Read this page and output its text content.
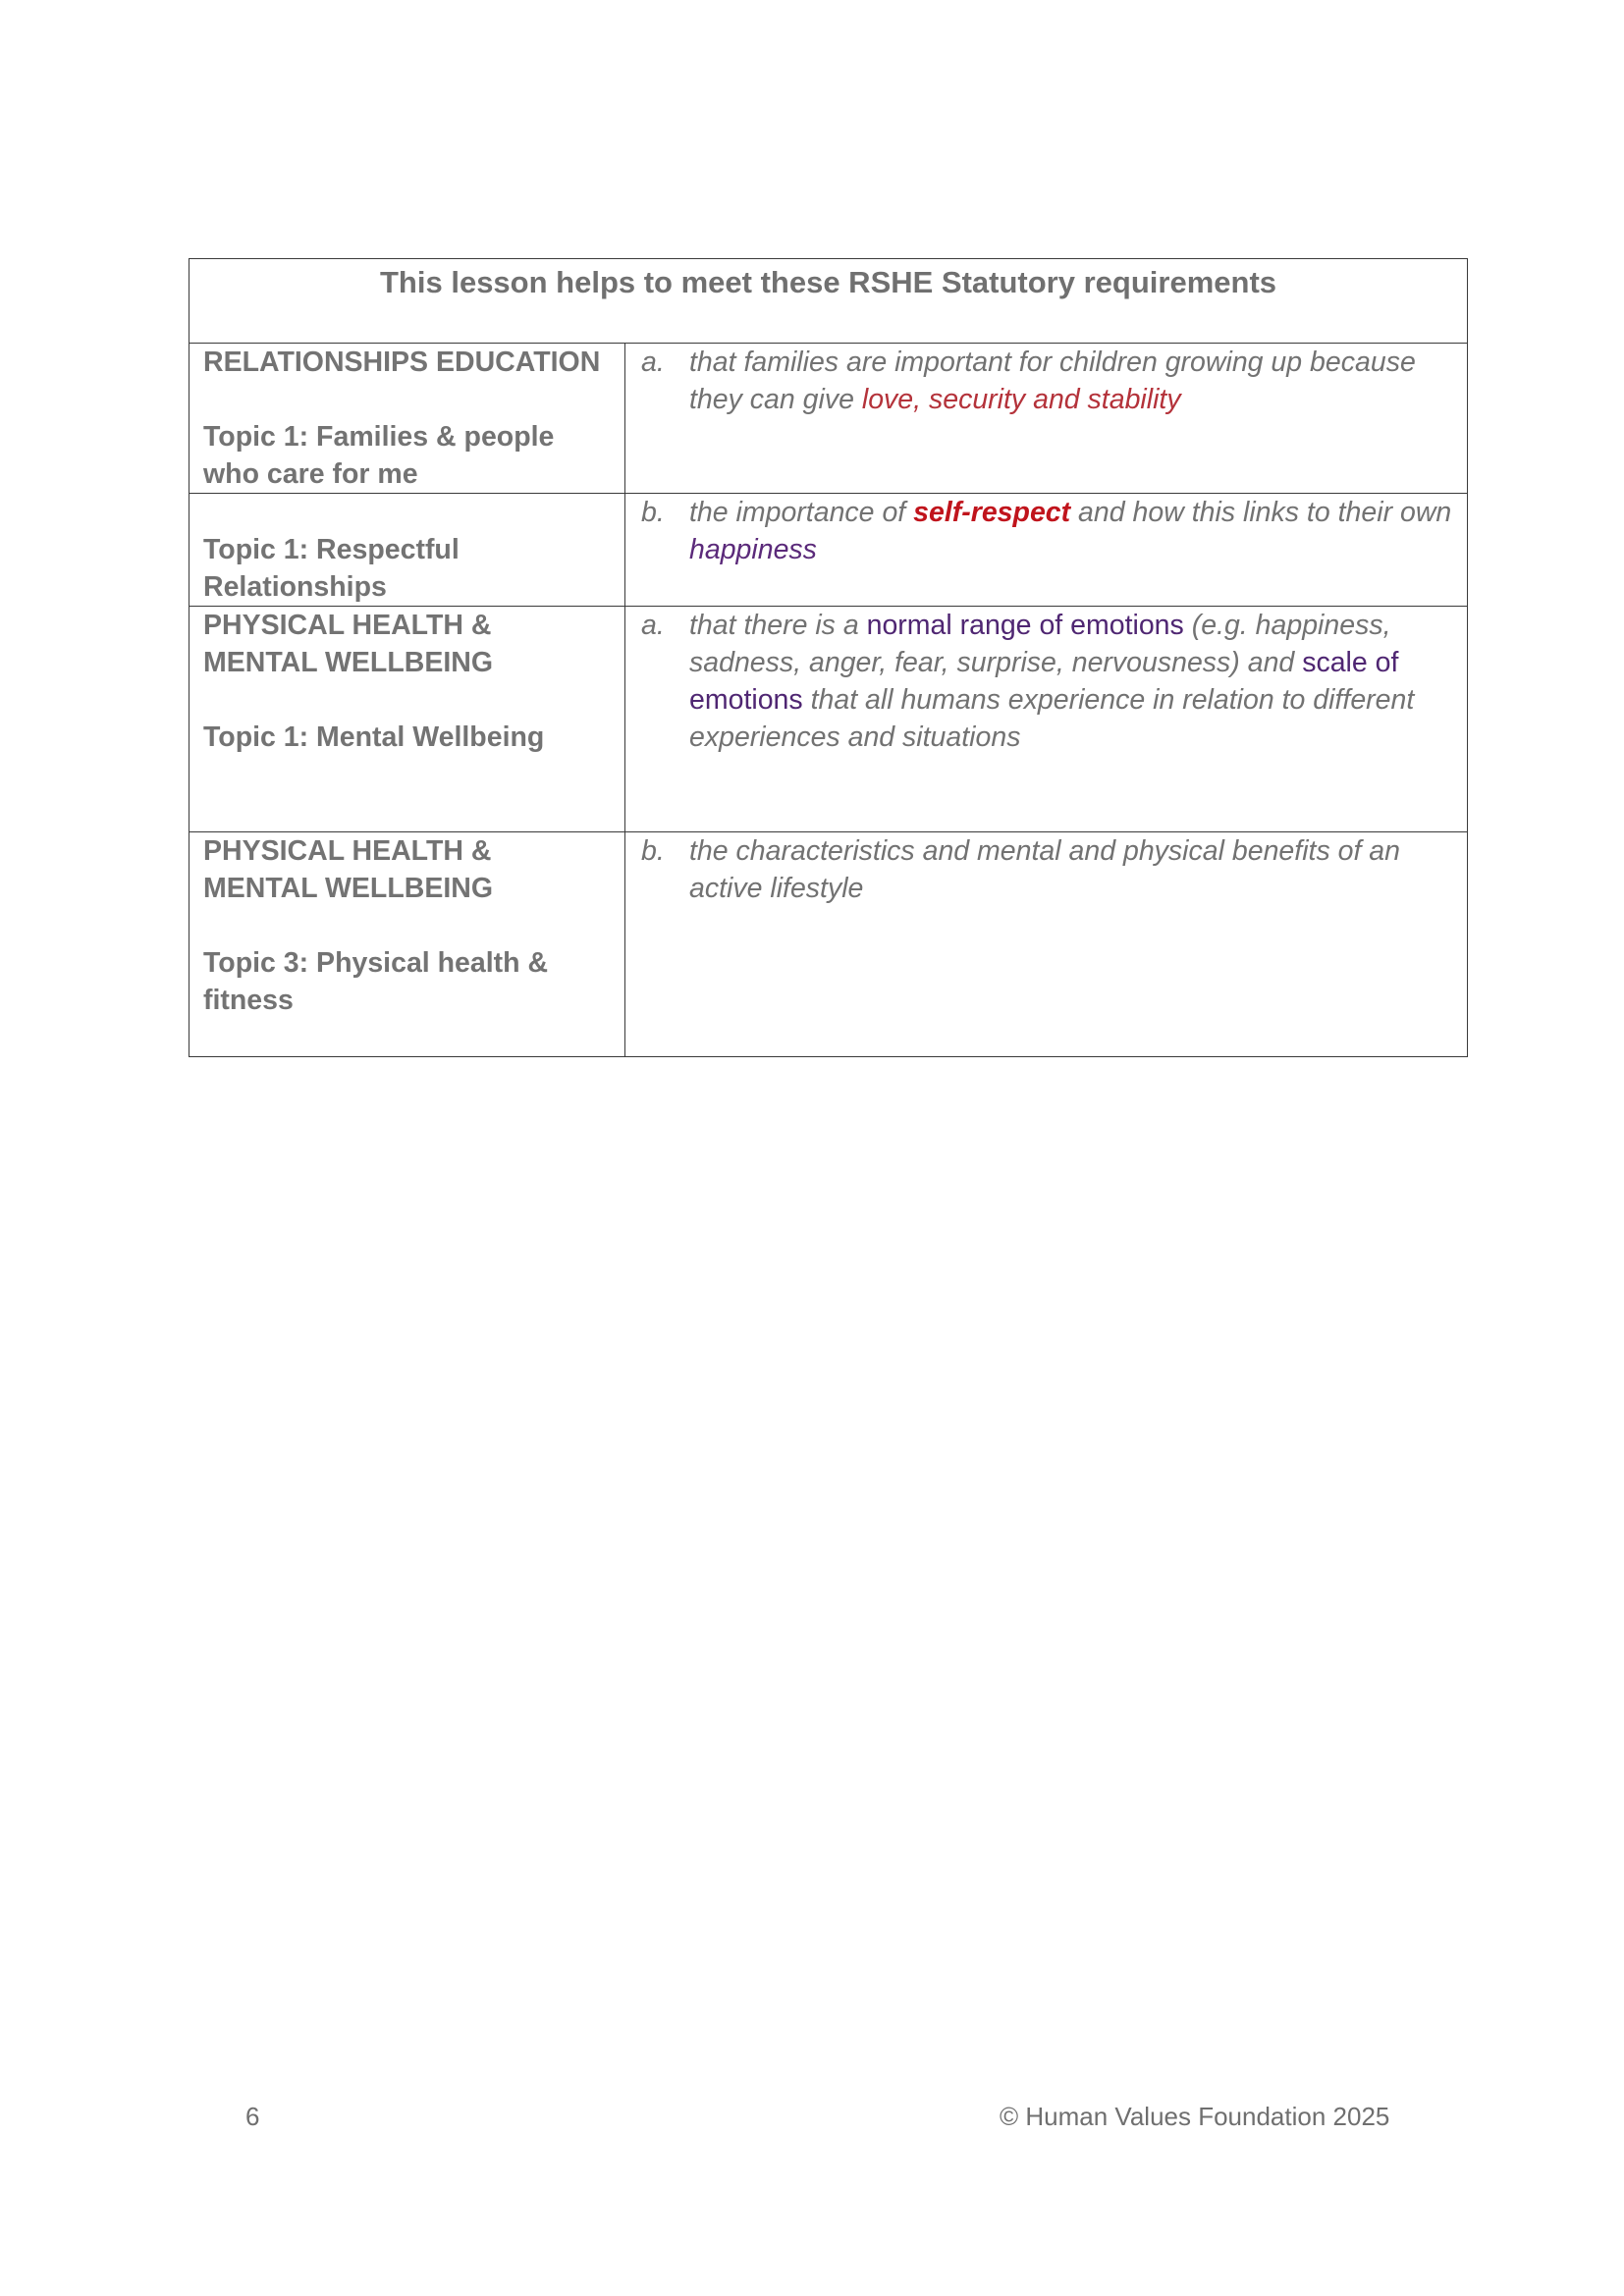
This lesson helps to meet these RSHE Statutory requirements	

RELATIONSHIPS EDUCATION
Topic 1: Families & people who care for me	a. that families are important for children growing up because they can give love, security and stability

Topic 1: Respectful Relationships	b. the importance of self-respect and how this links to their own happiness

PHYSICAL HEALTH & MENTAL WELLBEING
Topic 1: Mental Wellbeing	a. that there is a normal range of emotions (e.g. happiness, sadness, anger, fear, surprise, nervousness) and scale of emotions that all humans experience in relation to different experiences and situations

PHYSICAL HEALTH & MENTAL WELLBEING
Topic 3: Physical health & fitness	b. the characteristics and mental and physical benefits of an active lifestyle
6	© Human Values Foundation 2025
